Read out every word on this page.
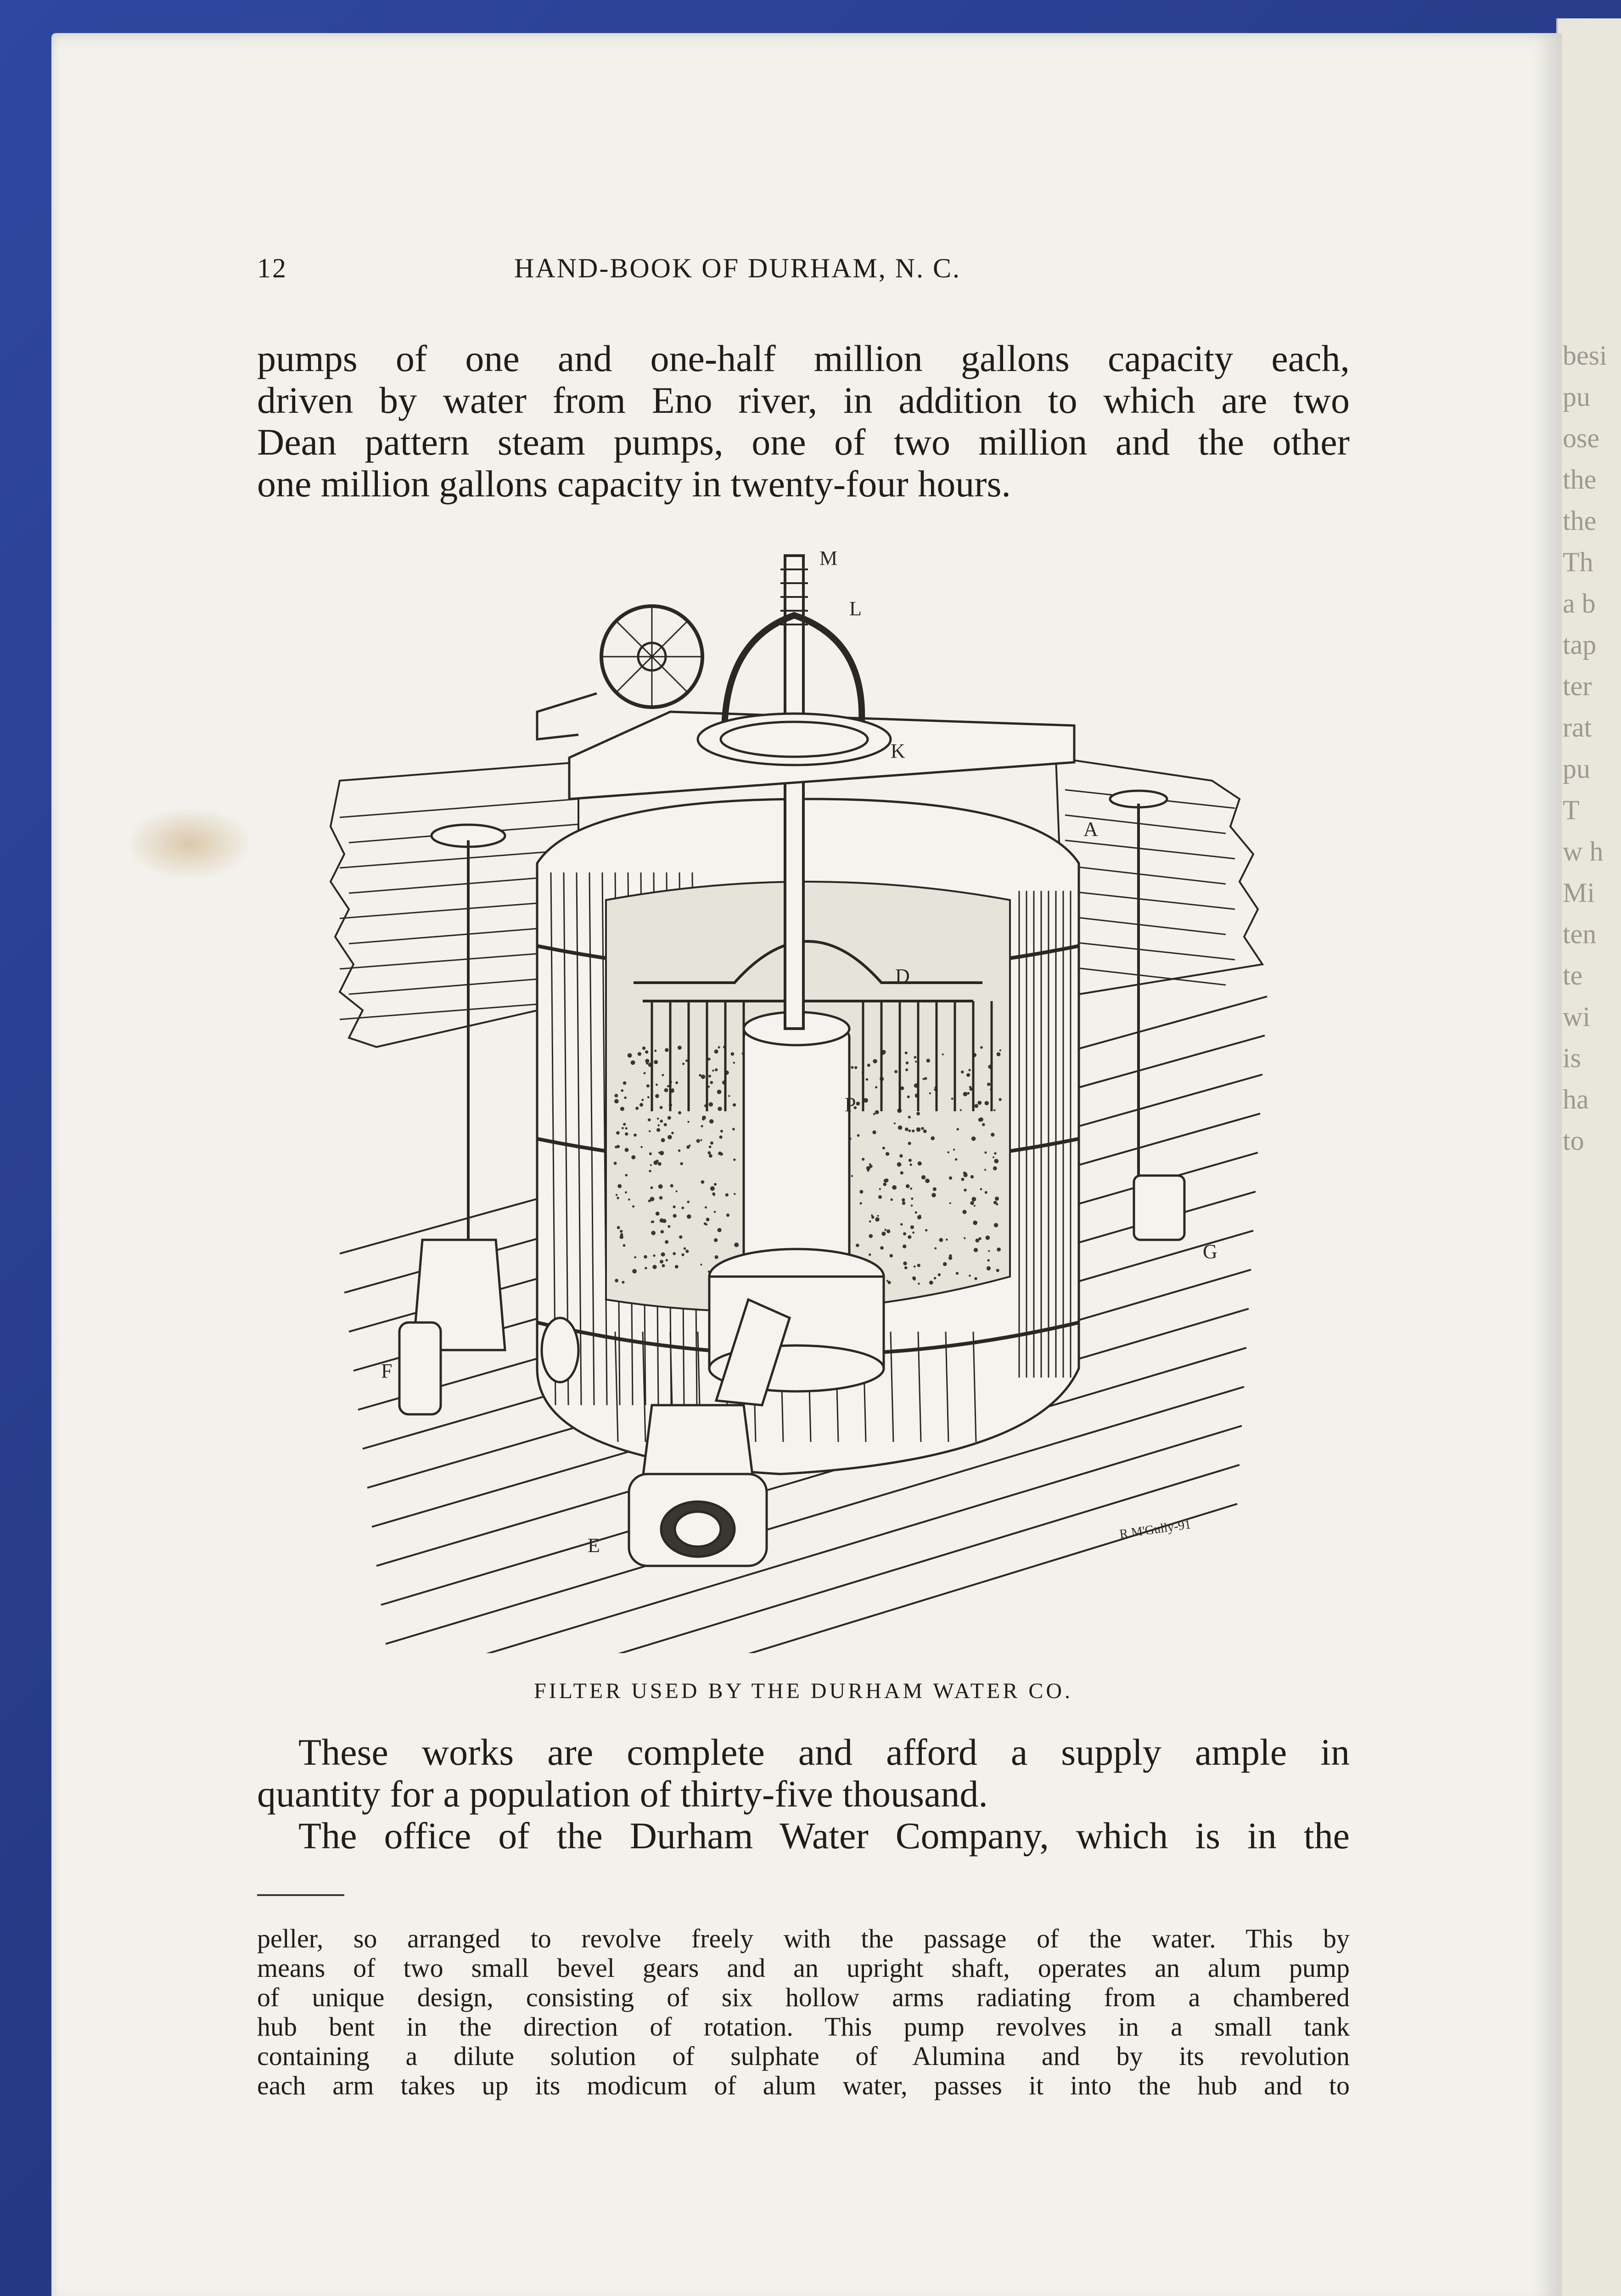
besi
pu
ose
the
the
Th
a b
tap
ter
rat
pu
T
w h
Mi
ten
te
wi
is
ha
to
12	HAND-BOOK OF DURHAM, N. C.
pumps of one and one-half million gallons capacity each,
driven by water from Eno river, in addition to which are two
Dean pattern steam pumps, one of two million and the other
one million gallons capacity in twenty-four hours.
M
L
K
A
D
P
G
F
E
R.M'Gully-91
FILTER USED BY THE DURHAM WATER CO.
These works are complete and afford a supply ample in
quantity for a population of thirty-five thousand.
The office of the Durham Water Company, which is in the
peller, so arranged to revolve freely with the passage of the water. This by
means of two small bevel gears and an upright shaft, operates an alum pump
of unique design, consisting of six hollow arms radiating from a chambered
hub bent in the direction of rotation. This pump revolves in a small tank
containing a dilute solution of sulphate of Alumina and by its revolution
each arm takes up its modicum of alum water, passes it into the hub and to
